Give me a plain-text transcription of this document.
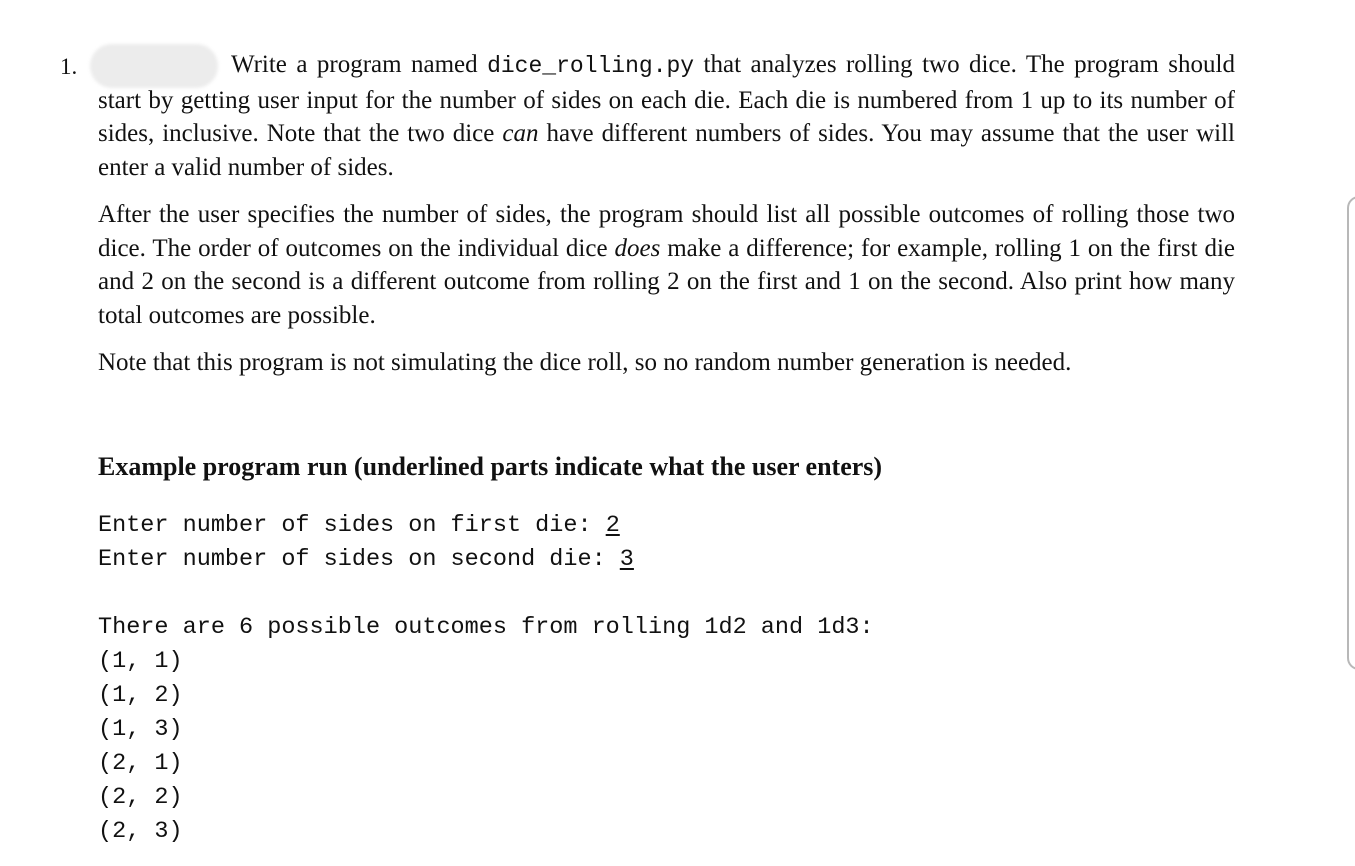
1.	Write a program named dice_rolling.py that analyzes rolling two dice. The program should start by getting user input for the number of sides on each die. Each die is numbered from 1 up to its number of sides, inclusive. Note that the two dice can have different numbers of sides. You may assume that the user will enter a valid number of sides.

After the user specifies the number of sides, the program should list all possible outcomes of rolling those two dice. The order of outcomes on the individual dice does make a difference; for example, rolling 1 on the first die and 2 on the second is a different outcome from rolling 2 on the first and 1 on the second. Also print how many total outcomes are possible.

Note that this program is not simulating the dice roll, so no random number generation is needed.

Example program run (underlined parts indicate what the user enters)
Enter number of sides on first die: 2
Enter number of sides on second die: 3
There are 6 possible outcomes from rolling 1d2 and 1d3:
(1, 1)
(1, 2)
(1, 3)
(2, 1)
(2, 2)
(2, 3)
